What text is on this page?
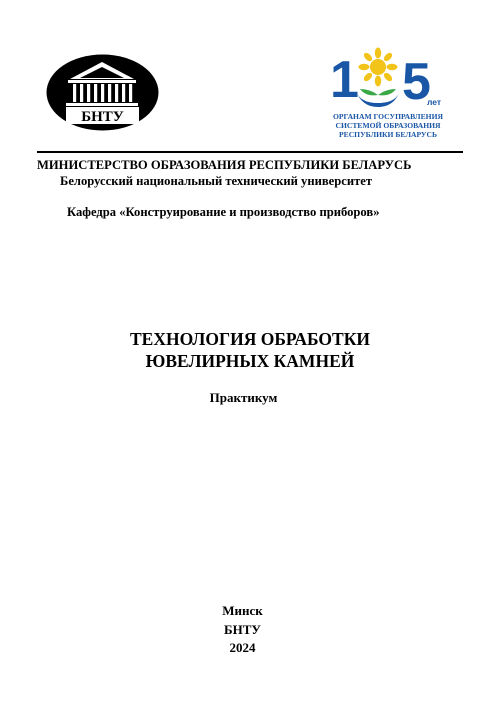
БНТУ
1 5
лет
ОРГАНАМ ГОСУПРАВЛЕНИЯ
СИСТЕМОЙ ОБРАЗОВАНИЯ
РЕСПУБЛИКИ БЕЛАРУСЬ
МИНИСТЕРСТВО ОБРАЗОВАНИЯ РЕСПУБЛИКИ БЕЛАРУСЬ
Белорусский национальный технический университет
Кафедра «Конструирование и производство приборов»
ТЕХНОЛОГИЯ ОБРАБОТКИ
ЮВЕЛИРНЫХ КАМНЕЙ
Практикум
Минск
БНТУ
2024
